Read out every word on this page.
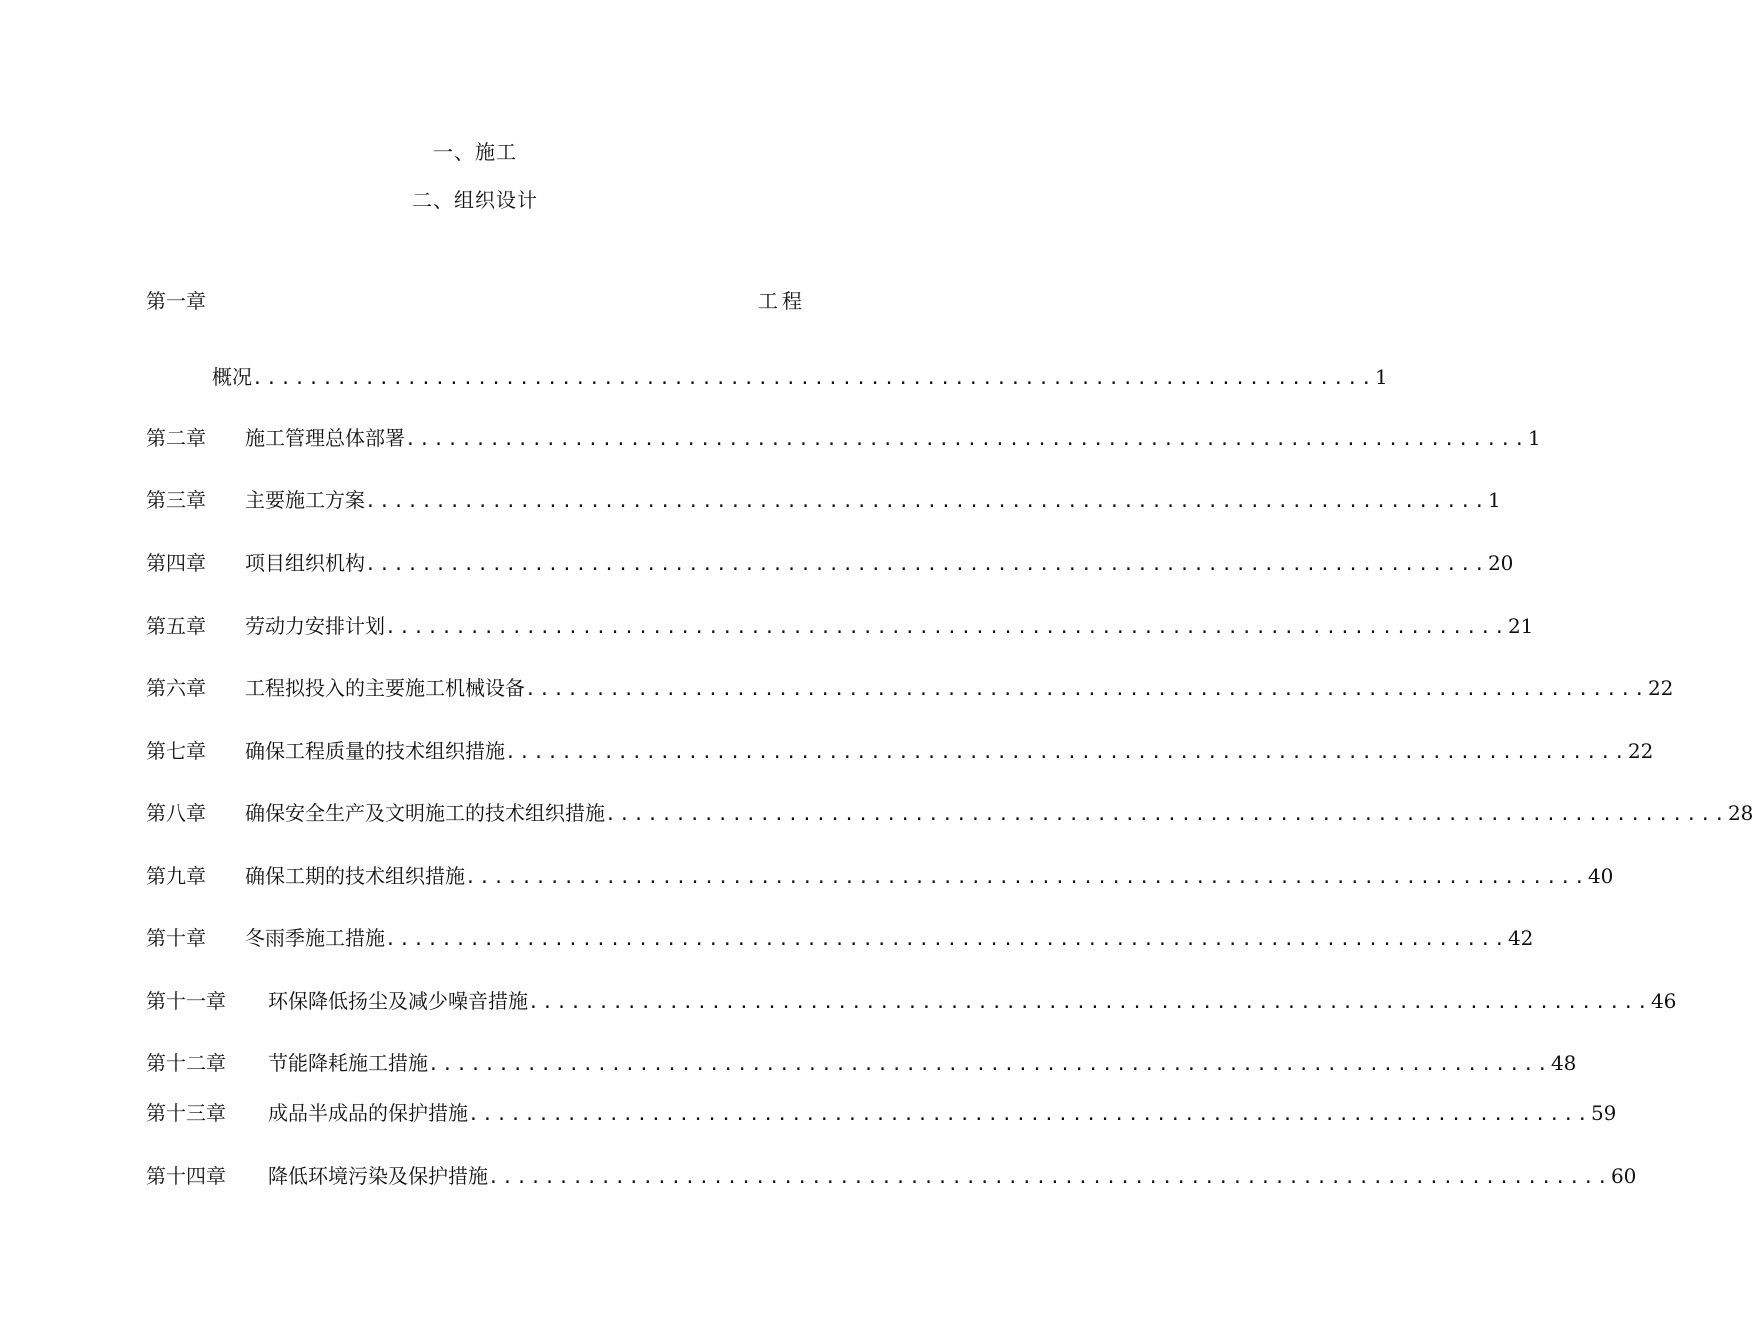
一、施工
二、组织设计
第一章	工程
概况 ................................................................................ 1
第二章	施工管理总体部署 ................................................................................ 1
第三章	主要施工方案 ................................................................................ 1
第四章	项目组织机构 ................................................................................ 20
第五章	劳动力安排计划 ................................................................................ 21
第六章	工程拟投入的主要施工机械设备 ................................................................................ 22
第七章	确保工程质量的技术组织措施 ................................................................................ 22
第八章	确保安全生产及文明施工的技术组织措施 ................................................................................ 28
第九章	确保工期的技术组织措施 ................................................................................ 40
第十章	冬雨季施工措施 ................................................................................ 42
第十一章	环保降低扬尘及减少噪音措施 ................................................................................ 46
第十二章	节能降耗施工措施 ................................................................................ 48
第十三章	成品半成品的保护措施 ................................................................................ 59
第十四章	降低环境污染及保护措施 ................................................................................ 60
